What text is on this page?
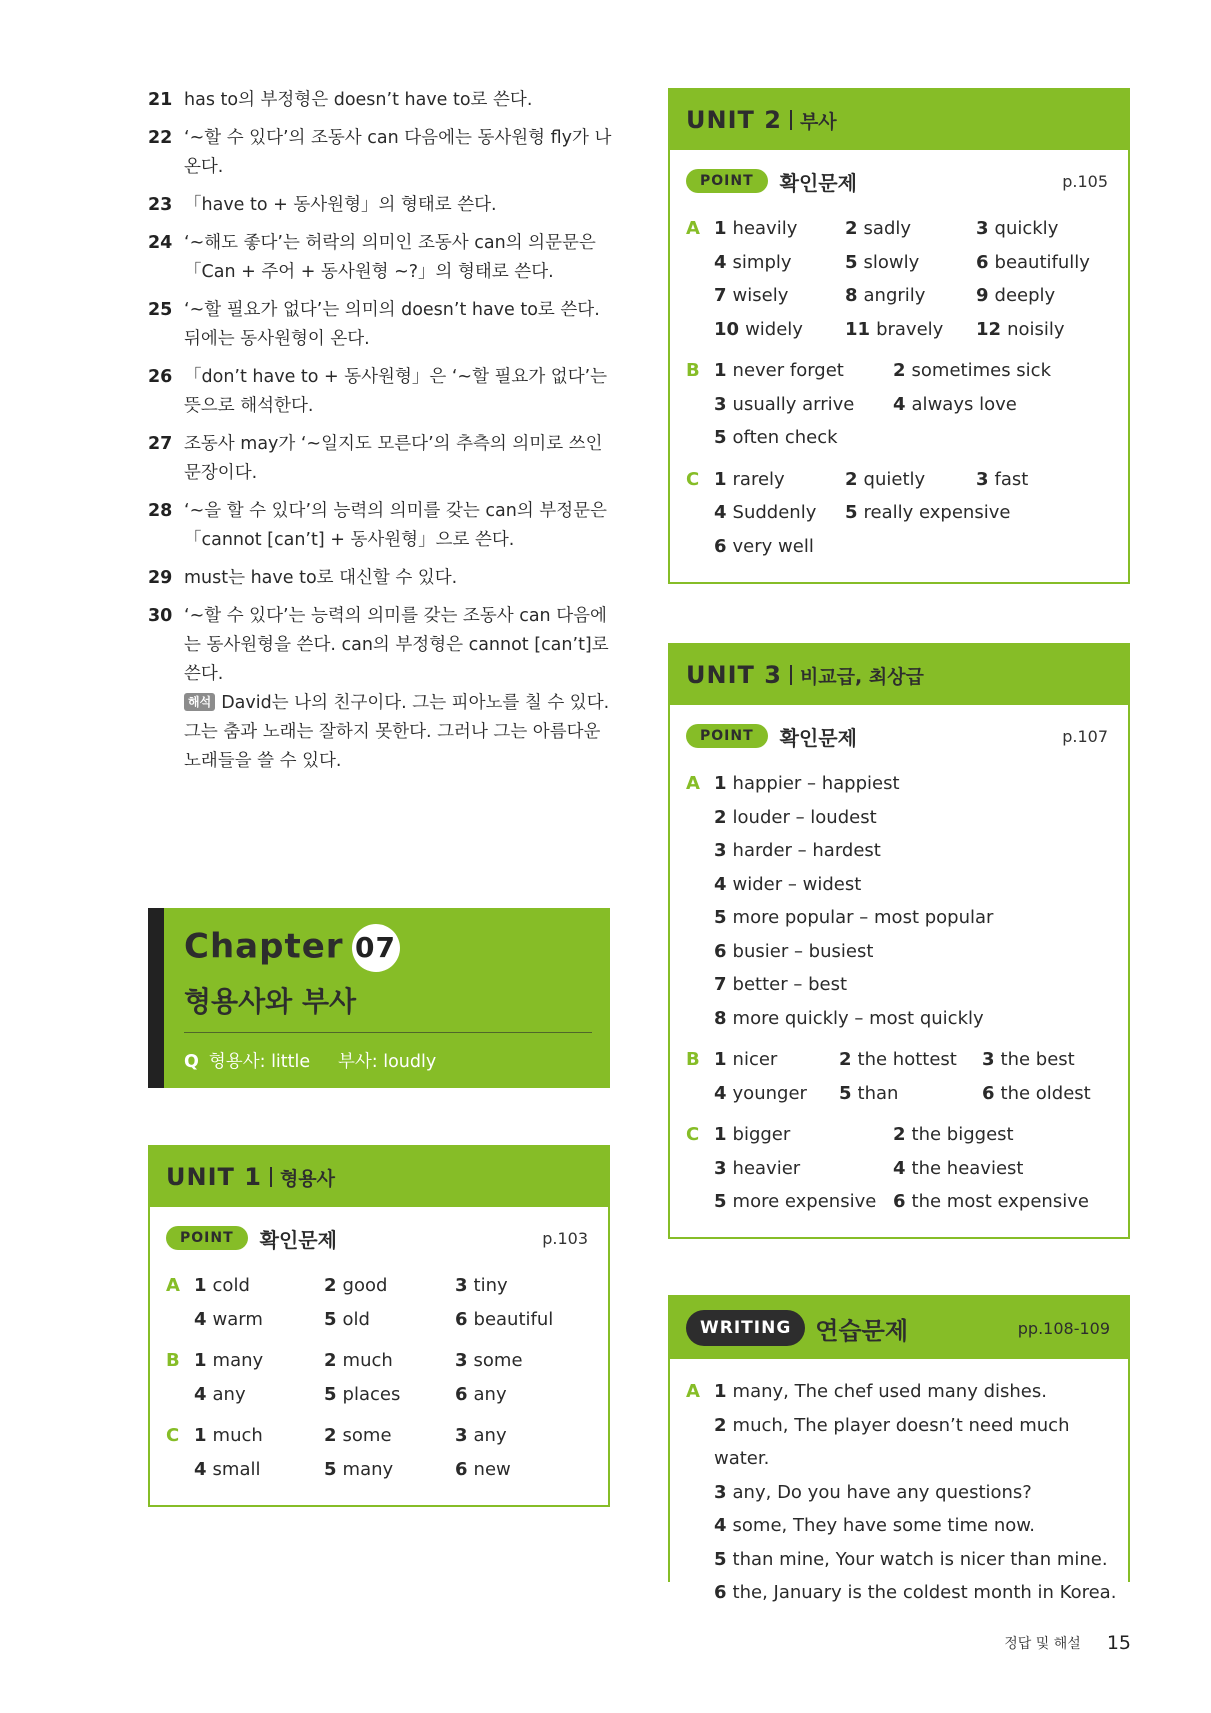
21 has to의 부정형은 doesn’t have to로 쓴다.
22 ‘~할 수 있다’의 조동사 can 다음에는 동사원형 fly가 나온다.
23 「have to + 동사원형」의 형태로 쓴다.
24 ‘~해도 좋다’는 허락의 의미인 조동사 can의 의문문은 「Can + 주어 + 동사원형 ~?」의 형태로 쓴다.
25 ‘~할 필요가 없다’는 의미의 doesn’t have to로 쓴다. 뒤에는 동사원형이 온다.
26 「don’t have to + 동사원형」은 ‘~할 필요가 없다’는 뜻으로 해석한다.
27 조동사 may가 ‘~일지도 모른다’의 추측의 의미로 쓰인 문장이다.
28 ‘~을 할 수 있다’의 능력의 의미를 갖는 can의 부정문은 「cannot [can’t] + 동사원형」으로 쓴다.
29 must는 have to로 대신할 수 있다.
30 ‘~할 수 있다’는 능력의 의미를 갖는 조동사 can 다음에는 동사원형을 쓴다. can의 부정형은 cannot [can’t]로 쓴다.
해석 David는 나의 친구이다. 그는 피아노를 칠 수 있다. 그는 춤과 노래는 잘하지 못한다. 그러나 그는 아름다운 노래들을 쓸 수 있다.
Chapter 07
형용사와 부사
Q 형용사: little     부사: loudly
UNIT 1 형용사
POINT	확인문제	p.103
A 1 cold	2 good	3 tiny
4 warm	5 old	6 beautiful
B 1 many	2 much	3 some
4 any	5 places	6 any
C 1 much	2 some	3 any
4 small	5 many	6 new
UNIT 2 부사
POINT	확인문제	p.105
A 1 heavily	2 sadly	3 quickly
4 simply	5 slowly	6 beautifully
7 wisely	8 angrily	9 deeply
10 widely	11 bravely	12 noisily
B 1 never forget	2 sometimes sick
3 usually arrive	4 always love
5 often check
C 1 rarely	2 quietly	3 fast
4 Suddenly	5 really expensive
6 very well
UNIT 3 비교급, 최상급
POINT	확인문제	p.107
A 1 happier – happiest
2 louder – loudest
3 harder – hardest
4 wider – widest
5 more popular – most popular
6 busier – busiest
7 better – best
8 more quickly – most quickly
B 1 nicer	2 the hottest	3 the best
4 younger	5 than	6 the oldest
C 1 bigger	2 the biggest
3 heavier	4 the heaviest
5 more expensive 6 the most expensive
WRITING	연습문제	pp.108-109
A 1 many, The chef used many dishes.
2 much, The player doesn’t need much water.
3 any, Do you have any questions?
4 some, They have some time now.
5 than mine, Your watch is nicer than mine.
6 the, January is the coldest month in Korea.
정답 및 해설 15
